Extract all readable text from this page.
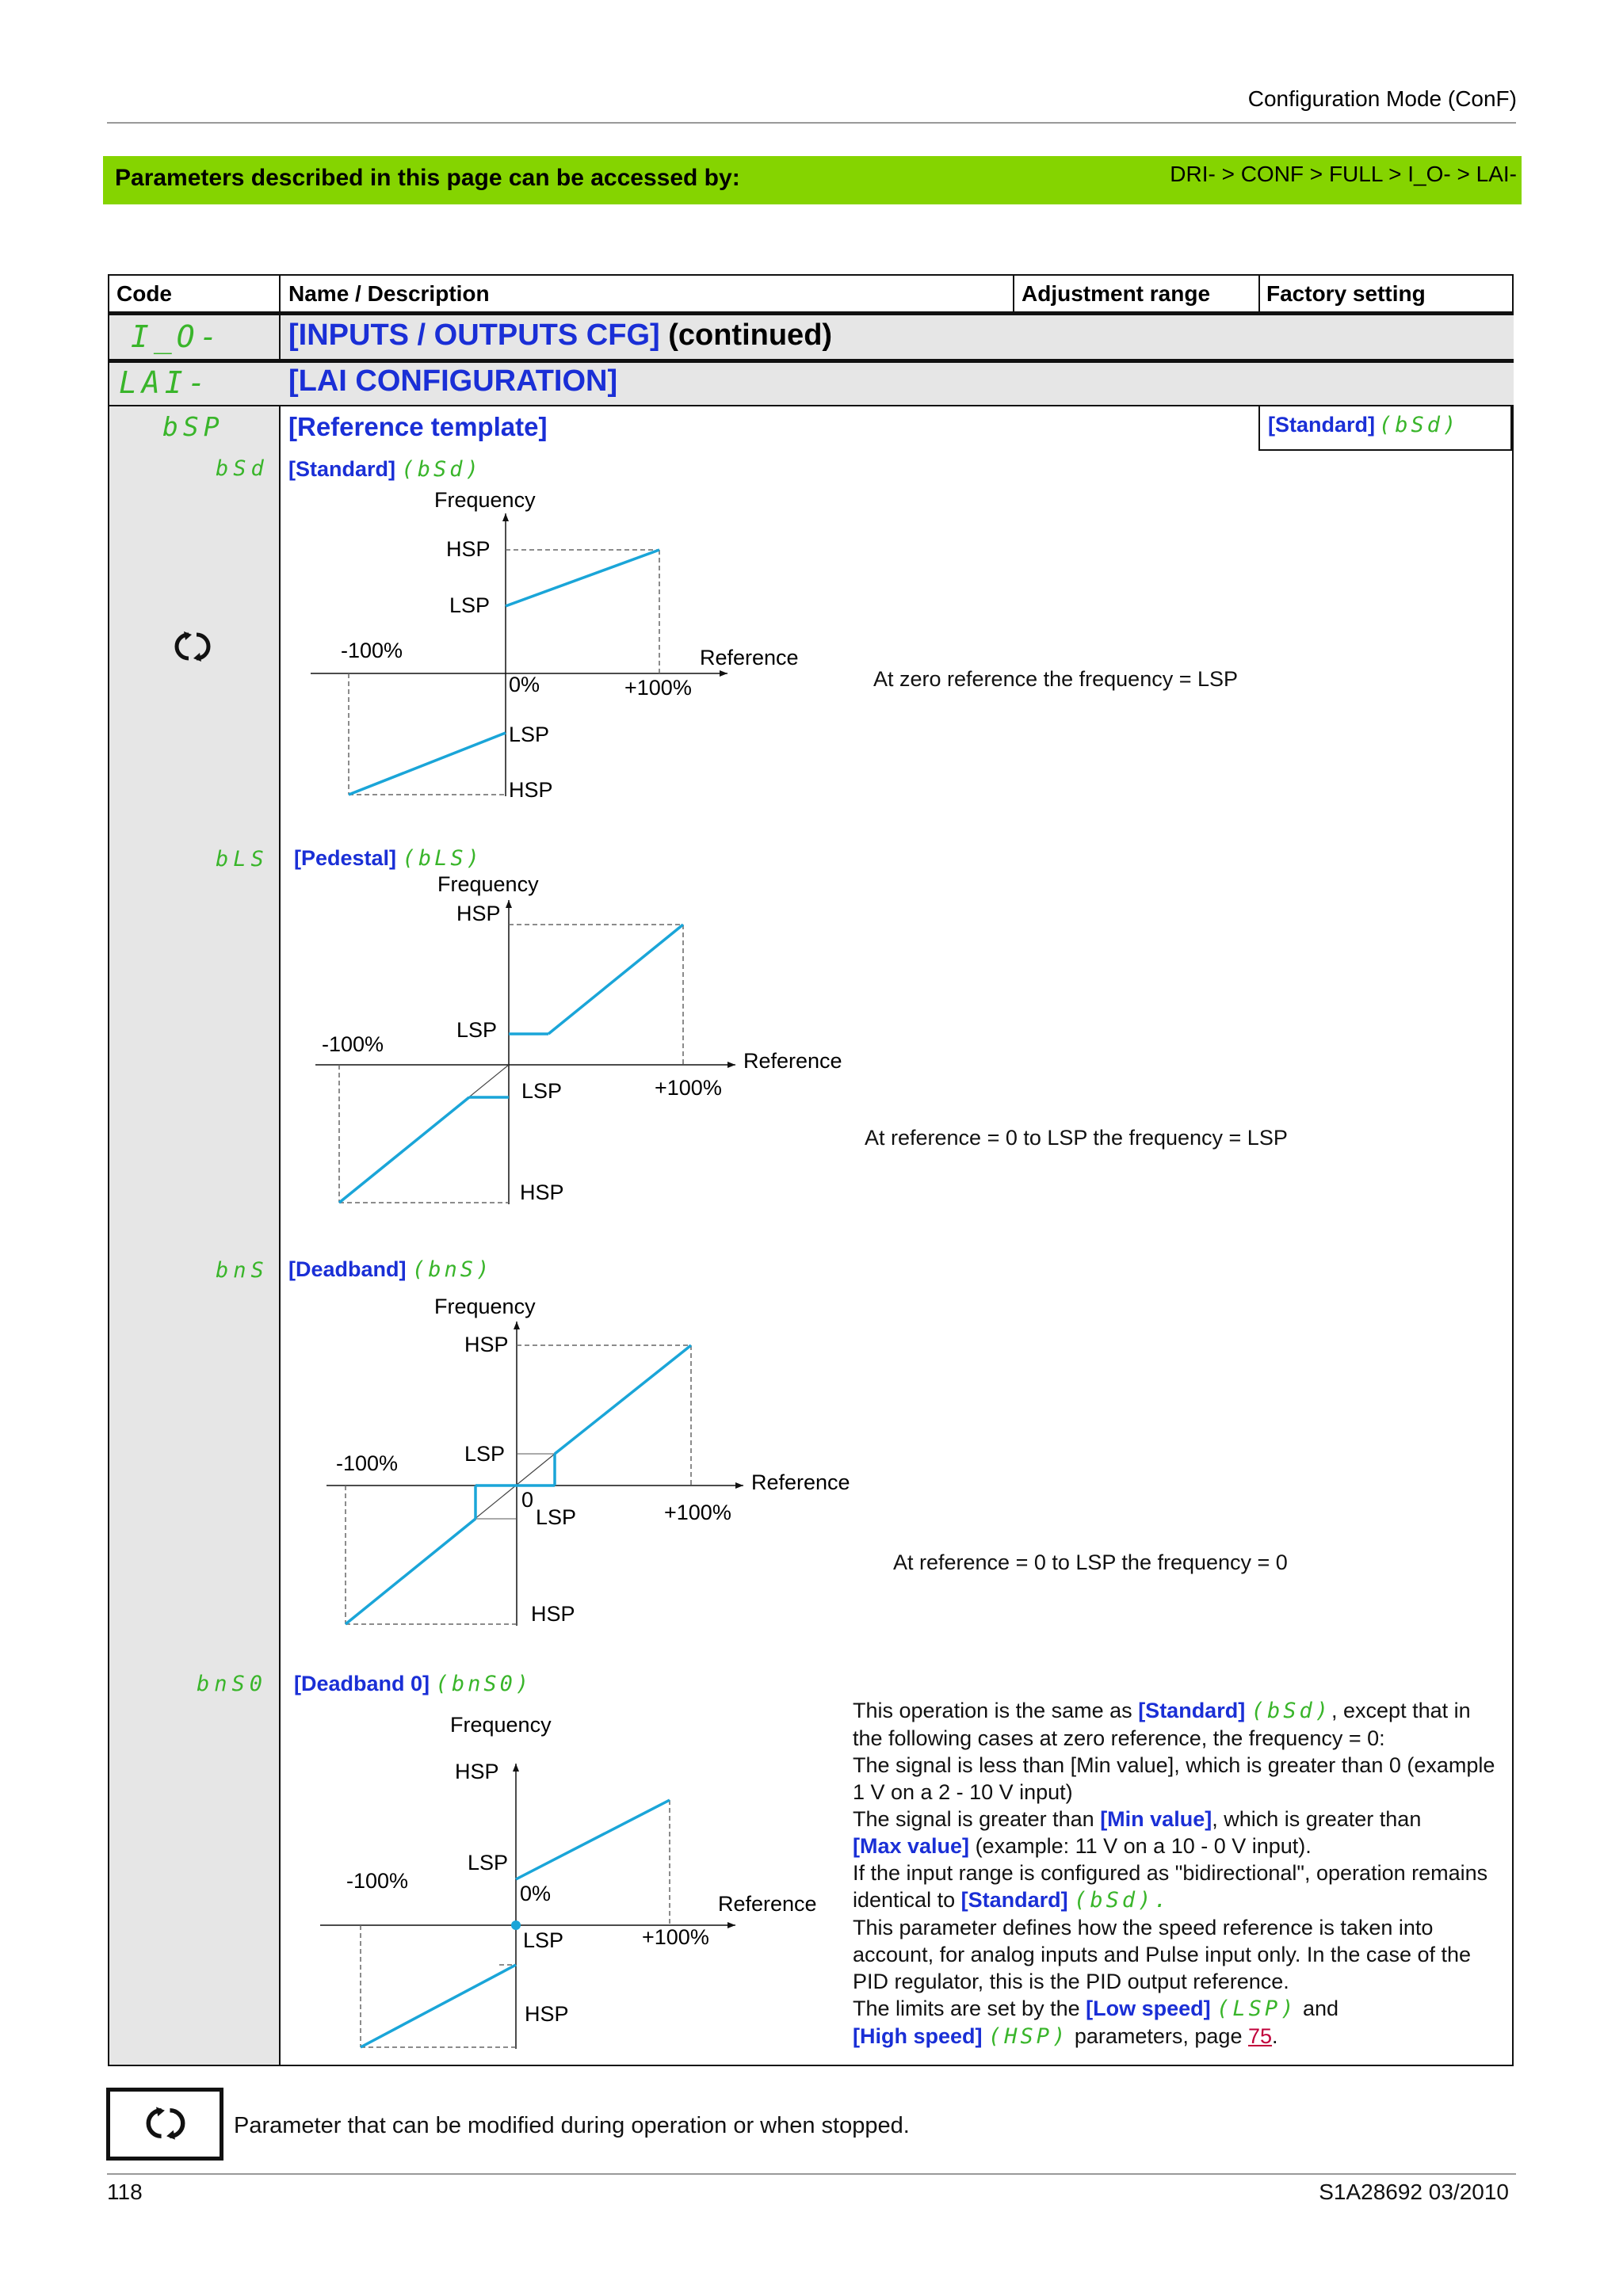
Configuration Mode (ConF)
Parameters described in this page can be accessed by:	DRI- > CONF > FULL > I_O- > LAI-
Code	Name / Description	Adjustment range	Factory setting
I_O- [INPUTS / OUTPUTS CFG] (continued)
LAI-	[LAI CONFIGURATION]
bSP [Reference template]	[Standard] (bSd)
bSd [Standard] (bSd)
Frequency
HSP
LSP
-100%	Reference
0%	+100%
LSP
HSP
At zero reference the frequency = LSP
bLS [Pedestal] (bLS)
Frequency
HSP
LSP
-100%
Reference
LSP	+100%
HSP
At reference = 0 to LSP the frequency = LSP
bnS [Deadband] (bnS)
Frequency
HSP
LSP
-100%
Reference
0
LSP	+100%
HSP
At reference = 0 to LSP the frequency = 0
bnS0 [Deadband 0] (bnS0)
Frequency
HSP
LSP
-100%
0%	Reference
LSP	+100%
HSP
This operation is the same as [Standard] (bSd), except that in
the following cases at zero reference, the frequency = 0:
The signal is less than [Min value], which is greater than 0 (example
1 V on a 2 - 10 V input)
The signal is greater than [Min value], which is greater than
[Max value] (example: 11 V on a 10 - 0 V input).
If the input range is configured as "bidirectional", operation remains
identical to [Standard] (bSd).
This parameter defines how the speed reference is taken into
account, for analog inputs and Pulse input only. In the case of the
PID regulator, this is the PID output reference.
The limits are set by the [Low speed] (LSP) and
[High speed] (HSP) parameters, page 75.
Parameter that can be modified during operation or when stopped.
118	S1A28692 03/2010
